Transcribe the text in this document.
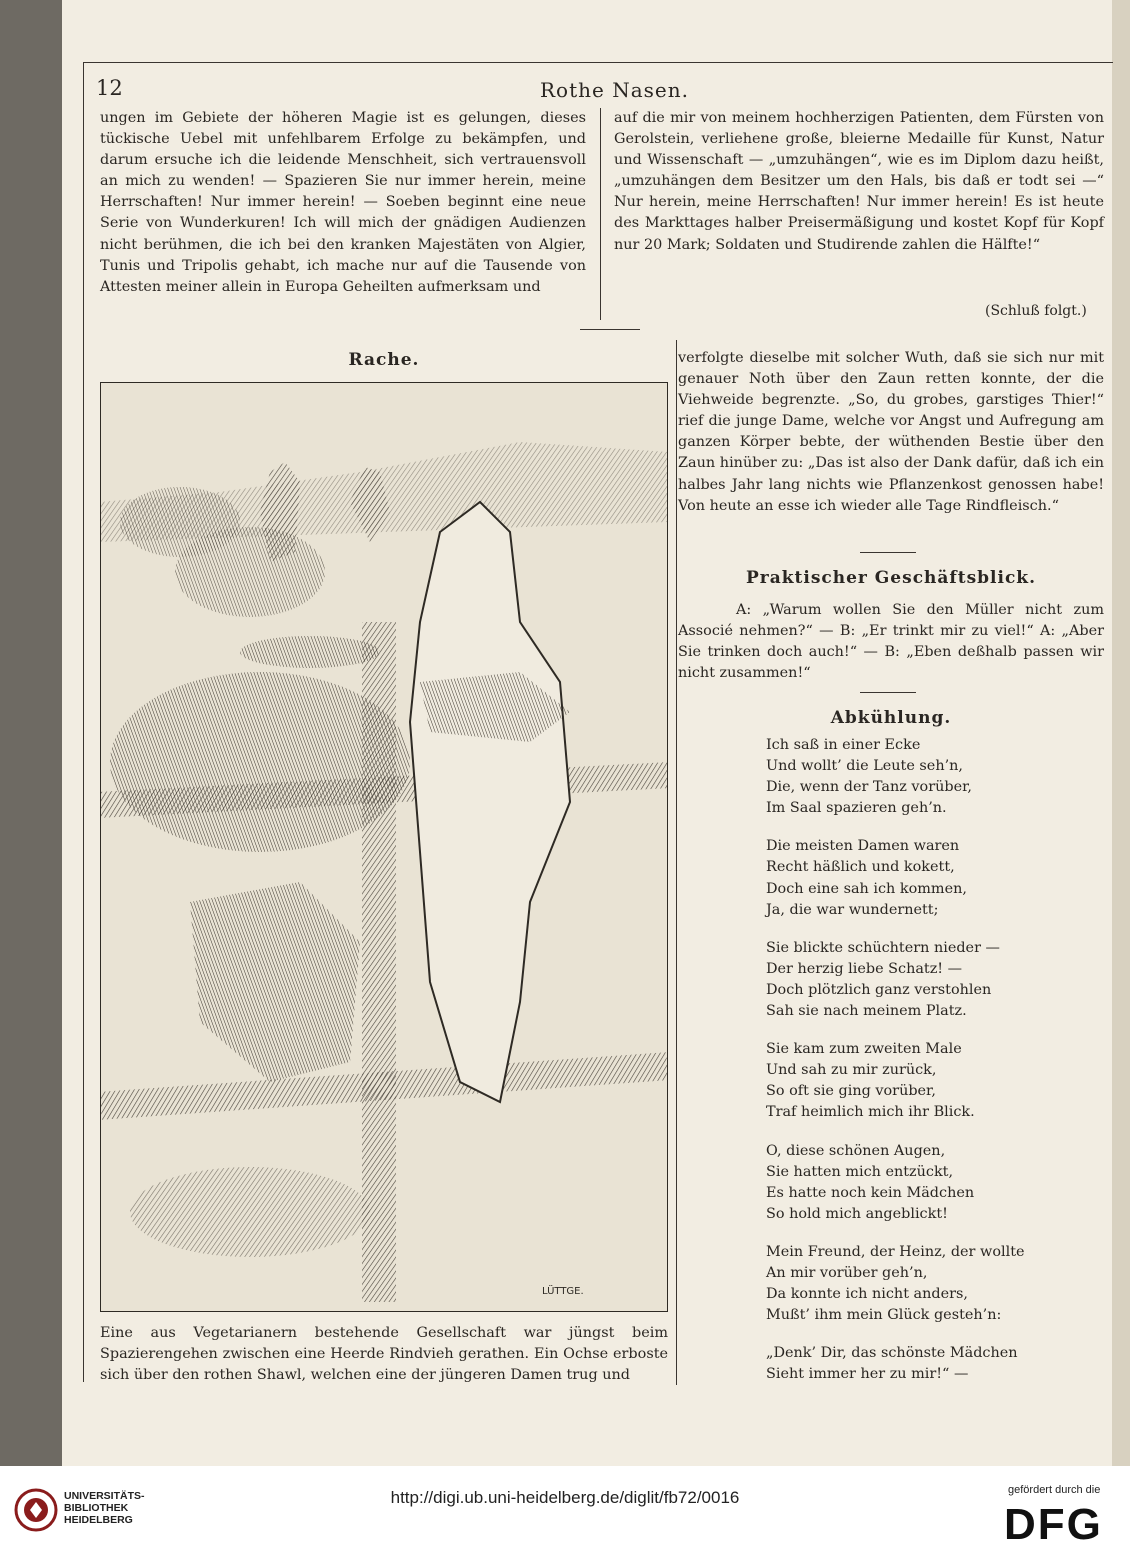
12	Rothe Nasen.

ungen im Gebiete der höheren Magie ist es gelungen, dieses tückische Uebel mit unfehlbarem Erfolge zu bekämpfen, und darum ersuche ich die leidende Menschheit, sich vertrauensvoll an mich zu wenden! — Spazieren Sie nur immer herein, meine Herrschaften! Nur immer herein! — Soeben beginnt eine neue Serie von Wunderkuren! Ich will mich der gnädigen Audienzen nicht berühmen, die ich bei den kranken Majestäten von Algier, Tunis und Tripolis gehabt, ich mache nur auf die Tausende von Attesten meiner allein in Europa Geheilten aufmerksam und

auf die mir von meinem hochherzigen Patienten, dem Fürsten von Gerolstein, verliehene große, bleierne Medaille für Kunst, Natur und Wissenschaft — „umzuhängen“, wie es im Diplom dazu heißt, „umzuhängen dem Besitzer um den Hals, bis daß er todt sei —“ Nur herein, meine Herrschaften! Nur immer herein! Es ist heute des Markttages halber Preisermäßigung und kostet Kopf für Kopf nur 20 Mark; Soldaten und Studirende zahlen die Hälfte!“

(Schluß folgt.)
Rache.
LÜTTGE.

Eine aus Vegetarianern bestehende Gesellschaft war jüngst beim Spazierengehen zwischen eine Heerde Rindvieh gerathen. Ein Ochse erboste sich über den rothen Shawl, welchen eine der jüngeren Damen trug und

verfolgte dieselbe mit solcher Wuth, daß sie sich nur mit genauer Noth über den Zaun retten konnte, der die Viehweide begrenzte. „So, du grobes, garstiges Thier!“ rief die junge Dame, welche vor Angst und Aufregung am ganzen Körper bebte, der wüthenden Bestie über den Zaun hinüber zu: „Das ist also der Dank dafür, daß ich ein halbes Jahr lang nichts wie Pflanzenkost genossen habe! Von heute an esse ich wieder alle Tage Rindfleisch.“

Praktischer Geschäftsblick.

A: „Warum wollen Sie den Müller nicht zum Associé nehmen?“ — B: „Er trinkt mir zu viel!“ A: „Aber Sie trinken doch auch!“ — B: „Eben deßhalb passen wir nicht zusammen!“

Abkühlung.
Ich saß in einer Ecke
Und wollt’ die Leute seh’n,
Die, wenn der Tanz vorüber,
Im Saal spazieren geh’n.
Die meisten Damen waren
Recht häßlich und kokett,
Doch eine sah ich kommen,
Ja, die war wundernett;
Sie blickte schüchtern nieder —
Der herzig liebe Schatz! —
Doch plötzlich ganz verstohlen
Sah sie nach meinem Platz.
Sie kam zum zweiten Male
Und sah zu mir zurück,
So oft sie ging vorüber,
Traf heimlich mich ihr Blick.
O, diese schönen Augen,
Sie hatten mich entzückt,
Es hatte noch kein Mädchen
So hold mich angeblickt!
Mein Freund, der Heinz, der wollte
An mir vorüber geh’n,
Da konnte ich nicht anders,
Mußt’ ihm mein Glück gesteh’n:
„Denk’ Dir, das schönste Mädchen
Sieht immer her zu mir!“ —
UNIVERSITÄTS-
BIBLIOTHEK
HEIDELBERG
http://digi.ub.uni-heidelberg.de/diglit/fb72/0016	gefördert durch die
DFG
